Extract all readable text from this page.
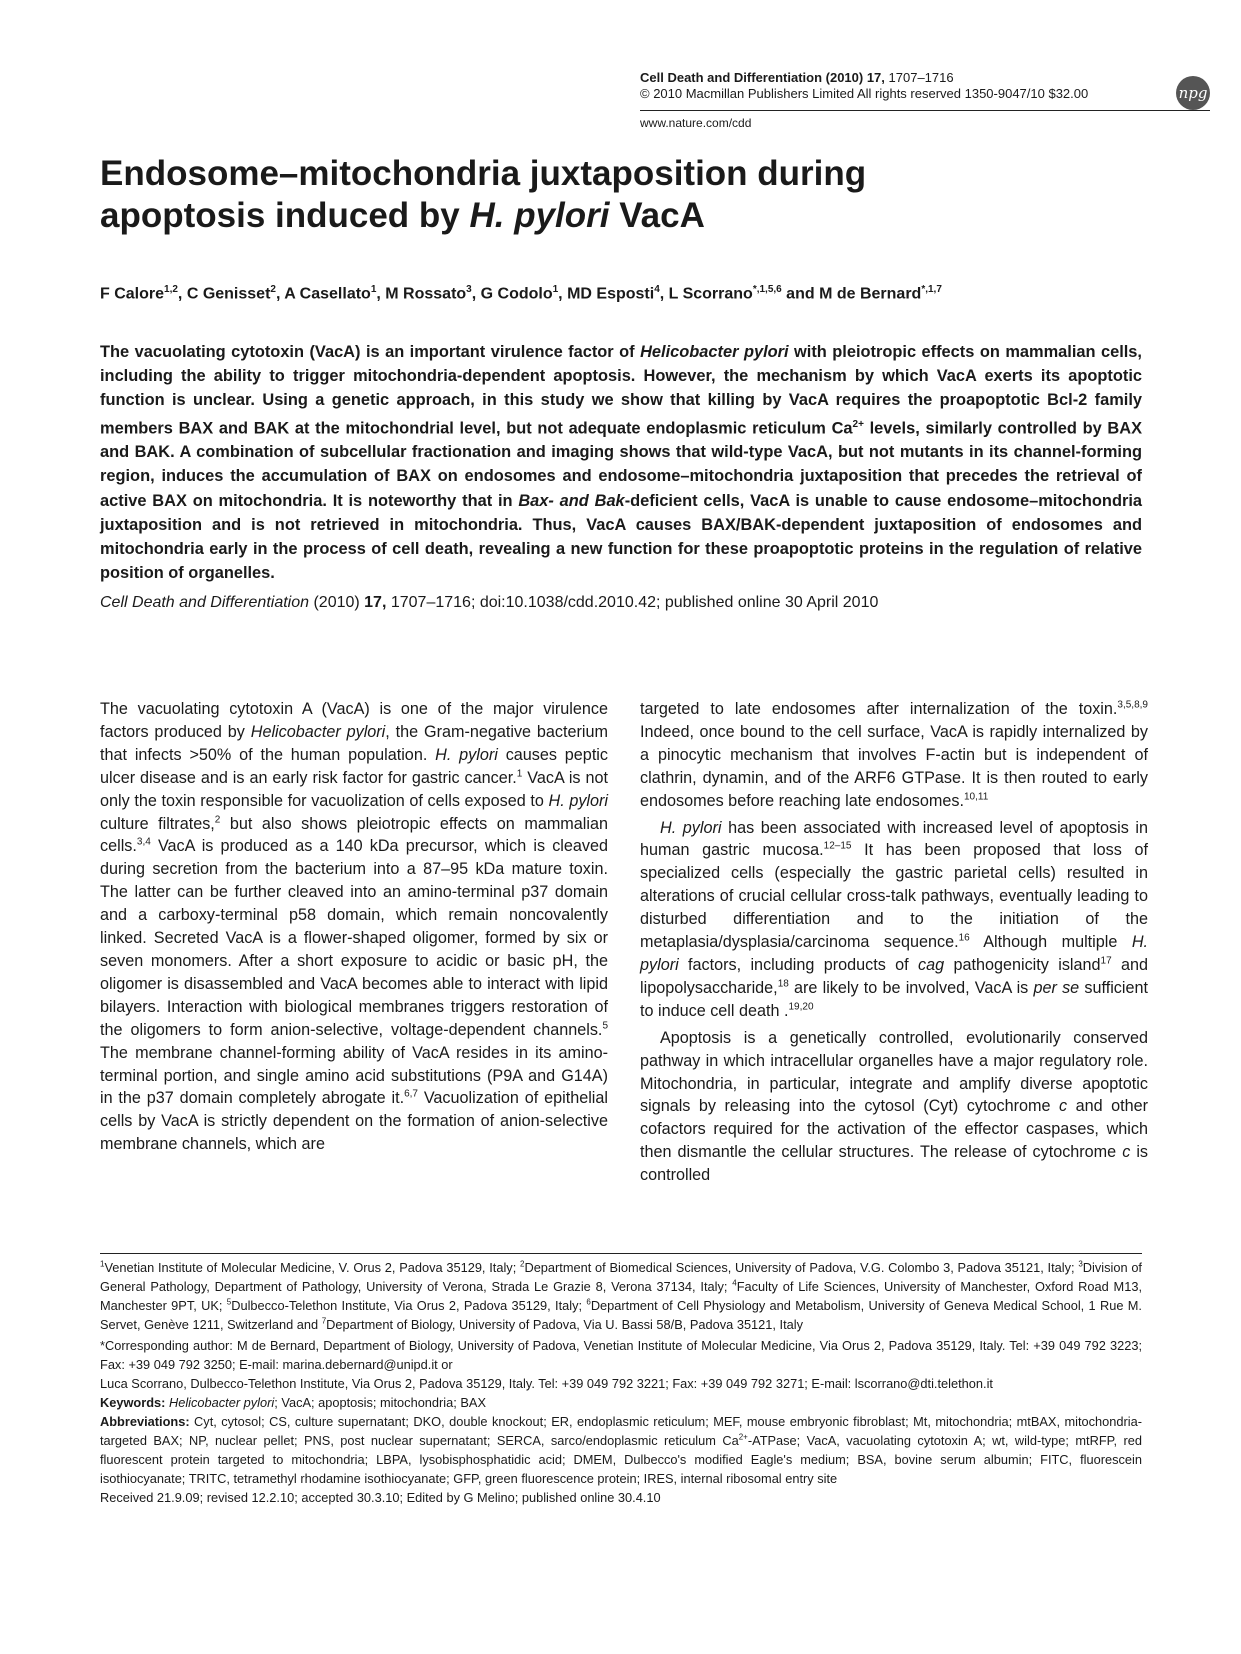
Cell Death and Differentiation (2010) 17, 1707–1716
© 2010 Macmillan Publishers Limited All rights reserved 1350-9047/10 $32.00
www.nature.com/cdd
npg
Endosome–mitochondria juxtaposition during
apoptosis induced by H. pylori VacA
F Calore$^{1,2}$, C Genisset$^2$, A Casellato$^1$, M Rossato$^3$, G Codolo$^1$, MD Esposti$^4$, L Scorrano$^{*,1,5,6}$ and M de Bernard$^{*,1,7}$
The vacuolating cytotoxin (VacA) is an important virulence factor of Helicobacter pylori with pleiotropic effects on mammalian cells, including the ability to trigger mitochondria-dependent apoptosis. However, the mechanism by which VacA exerts its apoptotic function is unclear. Using a genetic approach, in this study we show that killing by VacA requires the proapoptotic Bcl-2 family members BAX and BAK at the mitochondrial level, but not adequate endoplasmic reticulum $Ca^{2+}$ levels, similarly controlled by BAX and BAK. A combination of subcellular fractionation and imaging shows that wild-type VacA, but not mutants in its channel-forming region, induces the accumulation of BAX on endosomes and endosome–mitochondria juxtaposition that precedes the retrieval of active BAX on mitochondria. It is noteworthy that in Bax- and Bak-deficient cells, VacA is unable to cause endosome–mitochondria juxtaposition and is not retrieved in mitochondria. Thus, VacA causes BAX/BAK-dependent juxtaposition of endosomes and mitochondria early in the process of cell death, revealing a new function for these proapoptotic proteins in the regulation of relative position of organelles.
Cell Death and Differentiation (2010) 17, 1707–1716; doi:10.1038/cdd.2010.42; published online 30 April 2010

The vacuolating cytotoxin A (VacA) is one of the major virulence factors produced by Helicobacter pylori, the Gram-negative bacterium that infects >50% of the human population. H. pylori causes peptic ulcer disease and is an early risk factor for gastric cancer.$^1$ VacA is not only the toxin responsible for vacuolization of cells exposed to H. pylori culture filtrates,$^2$ but also shows pleiotropic effects on mammalian cells.$^{3,4}$ VacA is produced as a 140 kDa precursor, which is cleaved during secretion from the bacterium into a 87–95 kDa mature toxin. The latter can be further cleaved into an amino-terminal p37 domain and a carboxy-terminal p58 domain, which remain noncovalently linked. Secreted VacA is a flower-shaped oligomer, formed by six or seven monomers. After a short exposure to acidic or basic pH, the oligomer is disassembled and VacA becomes able to interact with lipid bilayers. Interaction with biological membranes triggers restoration of the oligomers to form anion-selective, voltage-dependent channels.$^5$ The membrane channel-forming ability of VacA resides in its amino-terminal portion, and single amino acid substitutions (P9A and G14A) in the p37 domain completely abrogate it.$^{6,7}$ Vacuolization of epithelial cells by VacA is strictly dependent on the formation of anion-selective membrane channels, which are

targeted to late endosomes after internalization of the toxin.$^{3,5,8,9}$ Indeed, once bound to the cell surface, VacA is rapidly internalized by a pinocytic mechanism that involves F-actin but is independent of clathrin, dynamin, and of the ARF6 GTPase. It is then routed to early endosomes before reaching late endosomes.$^{10,11}$

H. pylori has been associated with increased level of apoptosis in human gastric mucosa.$^{12-15}$ It has been proposed that loss of specialized cells (especially the gastric parietal cells) resulted in alterations of crucial cellular cross-talk pathways, eventually leading to disturbed differentiation and to the initiation of the metaplasia/dysplasia/carcinoma sequence.$^{16}$ Although multiple H. pylori factors, including products of cag pathogenicity island$^{17}$ and lipopolysaccharide,$^{18}$ are likely to be involved, VacA is per se sufficient to induce cell death .$^{19,20}$

Apoptosis is a genetically controlled, evolutionarily conserved pathway in which intracellular organelles have a major regulatory role. Mitochondria, in particular, integrate and amplify diverse apoptotic signals by releasing into the cytosol (Cyt) cytochrome c and other cofactors required for the activation of the effector caspases, which then dismantle the cellular structures. The release of cytochrome c is controlled

$^1$Venetian Institute of Molecular Medicine, V. Orus 2, Padova 35129, Italy; $^2$Department of Biomedical Sciences, University of Padova, V.G. Colombo 3, Padova 35121, Italy; $^3$Division of General Pathology, Department of Pathology, University of Verona, Strada Le Grazie 8, Verona 37134, Italy; $^4$Faculty of Life Sciences, University of Manchester, Oxford Road M13, Manchester 9PT, UK; $^5$Dulbecco-Telethon Institute, Via Orus 2, Padova 35129, Italy; $^6$Department of Cell Physiology and Metabolism, University of Geneva Medical School, 1 Rue M. Servet, Genève 1211, Switzerland and $^7$Department of Biology, University of Padova, Via U. Bassi 58/B, Padova 35121, Italy
*Corresponding author: M de Bernard, Department of Biology, University of Padova, Venetian Institute of Molecular Medicine, Via Orus 2, Padova 35129, Italy. Tel: +39 049 792 3223; Fax: +39 049 792 3250; E-mail: marina.debernard@unipd.it or
Luca Scorrano, Dulbecco-Telethon Institute, Via Orus 2, Padova 35129, Italy. Tel: +39 049 792 3221; Fax: +39 049 792 3271; E-mail: lscorrano@dti.telethon.it
Keywords: Helicobacter pylori; VacA; apoptosis; mitochondria; BAX
Abbreviations: Cyt, cytosol; CS, culture supernatant; DKO, double knockout; ER, endoplasmic reticulum; MEF, mouse embryonic fibroblast; Mt, mitochondria; mtBAX, mitochondria-targeted BAX; NP, nuclear pellet; PNS, post nuclear supernatant; SERCA, sarco/endoplasmic reticulum $Ca^{2+}$-ATPase; VacA, vacuolating cytotoxin A; wt, wild-type; mtRFP, red fluorescent protein targeted to mitochondria; LBPA, lysobisphosphatidic acid; DMEM, Dulbecco's modified Eagle's medium; BSA, bovine serum albumin; FITC, fluorescein isothiocyanate; TRITC, tetramethyl rhodamine isothiocyanate; GFP, green fluorescence protein; IRES, internal ribosomal entry site
Received 21.9.09; revised 12.2.10; accepted 30.3.10; Edited by G Melino; published online 30.4.10
